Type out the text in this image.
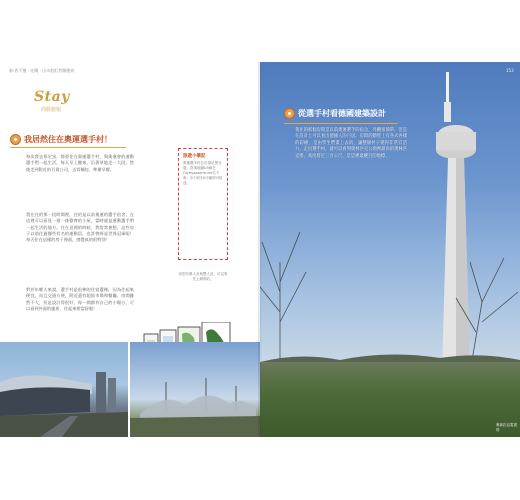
新-西不獲 · 比爾 · 出木恨拒者懷德到
Stay
尚駐旅宿
我居然住在奧運選手村！

每次我去慕尼黑，都要住在奧運選手村，與奧運會的運動選手們一起生活。每天早上醒來，沿著草地走一大段，然後走到附近的百貨公司，去買麵包、準備早餐。

我在住的那一段時間裡，住的是以前奧運的選手宿舍，在這裡可以看見一排一排整齊的小屋，當時就是運動選手們一起生活的地方。住在這裡的時候，我常常會想，這些房子以前住過哪些有名的運動員，也許曾經是世界冠軍呢！每天住在這樣的房子裡面，感覺真的很特別！

對於年輕人來說，選手村是很棒的住宿選擇，因為住起來便宜，而且交通方便，附近還有超級市場和餐廳。房間雖然不大，但是設計得很好，每一間都有自己的小陽台，可以看到外面的風景，住起來相當舒服！

旅遊小筆記
奧運選手村位於慕尼黑北邊，搭乘地鐵U3線在Olympiazentrum站下車，步行約10分鐘即可抵達。
房型有單人房與雙人房，可以事先上網預約。
153
從選手村看德國建築設計

我住的那個房間是以前奧運選手的宿舍，外觀很簡單，但是在設計上可以看出德國人的巧思。房間的牆壁上有各式各樣的彩繪，是由學生們畫上去的，讓整個村子變得非常有活力。走出選手村，就可以看到奧林匹克公園裡最高的奧林匹克塔，高度將近三百公尺，是這裡最醒目的地標。

奧林匹克電視塔
